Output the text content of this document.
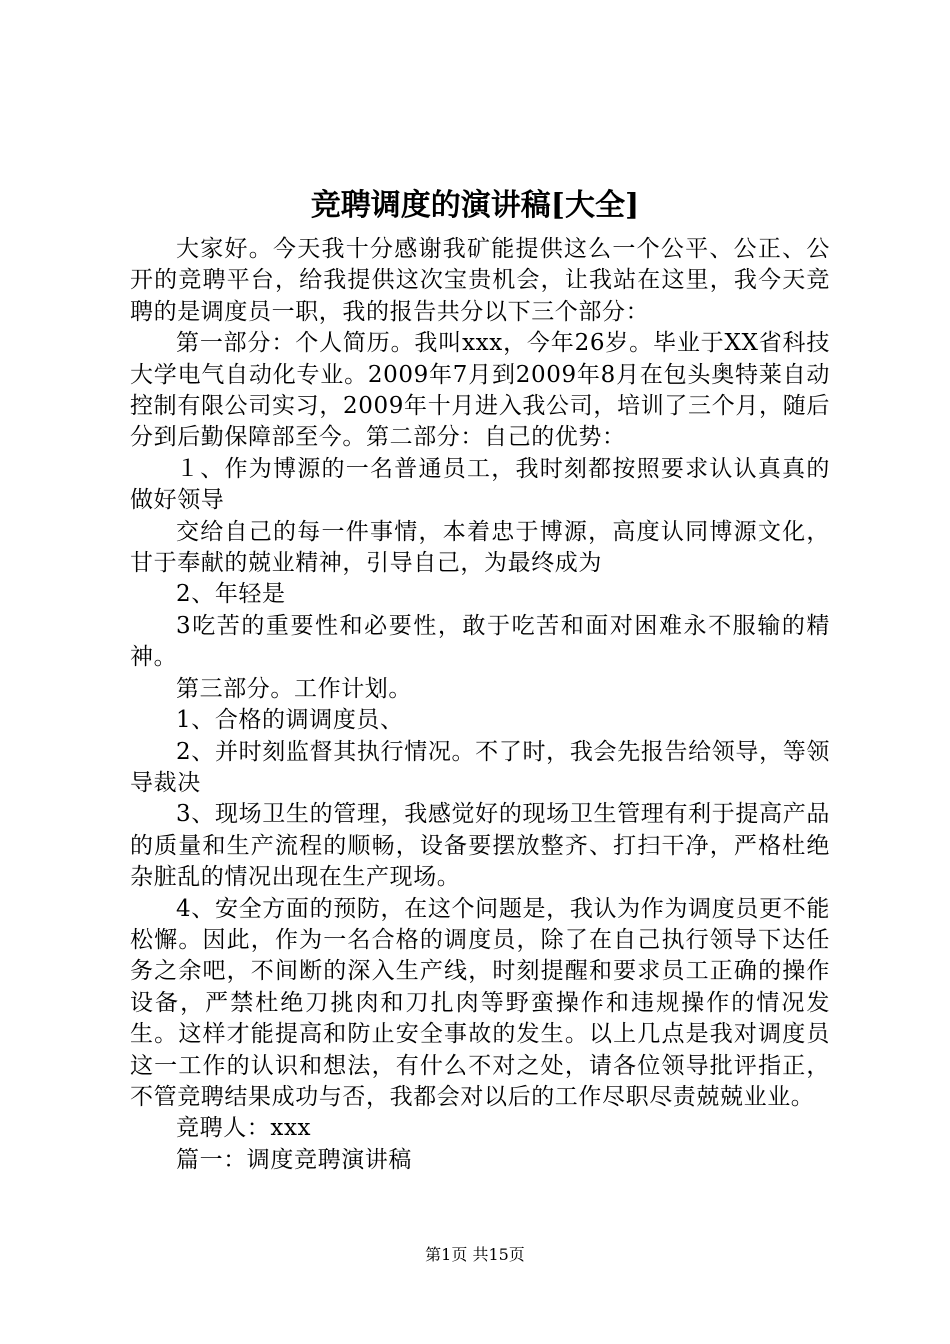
竞聘调度的演讲稿[大全]

大家好。今天我十分感谢我矿能提供这么一个公平、公正、公开的竞聘平台，给我提供这次宝贵机会，让我站在这里，我今天竞聘的是调度员一职，我的报告共分以下三个部分：

第一部分：个人简历。我叫xxx，今年26岁。毕业于XX省科技大学电气自动化专业。2009年7月到2009年8月在包头奥特莱自动控制有限公司实习，2009年十月进入我公司，培训了三个月，随后分到后勤保障部至今。第二部分：自己的优势：

１、作为博源的一名普通员工，我时刻都按照要求认认真真的做好领导

交给自己的每一件事情，本着忠于博源，高度认同博源文化，甘于奉献的兢业精神，引导自己，为最终成为

2、年轻是

3吃苦的重要性和必要性，敢于吃苦和面对困难永不服输的精神。

第三部分。工作计划。

1、合格的调调度员、

2、并时刻监督其执行情况。不了时，我会先报告给领导，等领导裁决

3、现场卫生的管理，我感觉好的现场卫生管理有利于提高产品的质量和生产流程的顺畅，设备要摆放整齐、打扫干净，严格杜绝杂脏乱的情况出现在生产现场。

4、安全方面的预防，在这个问题是，我认为作为调度员更不能松懈。因此，作为一名合格的调度员，除了在自己执行领导下达任务之余吧，不间断的深入生产线，时刻提醒和要求员工正确的操作设备，严禁杜绝刀挑肉和刀扎肉等野蛮操作和违规操作的情况发生。这样才能提高和防止安全事故的发生。以上几点是我对调度员这一工作的认识和想法，有什么不对之处，请各位领导批评指正，不管竞聘结果成功与否，我都会对以后的工作尽职尽责兢兢业业。

竞聘人：xxx

篇一：调度竞聘演讲稿

第1页 共15页
